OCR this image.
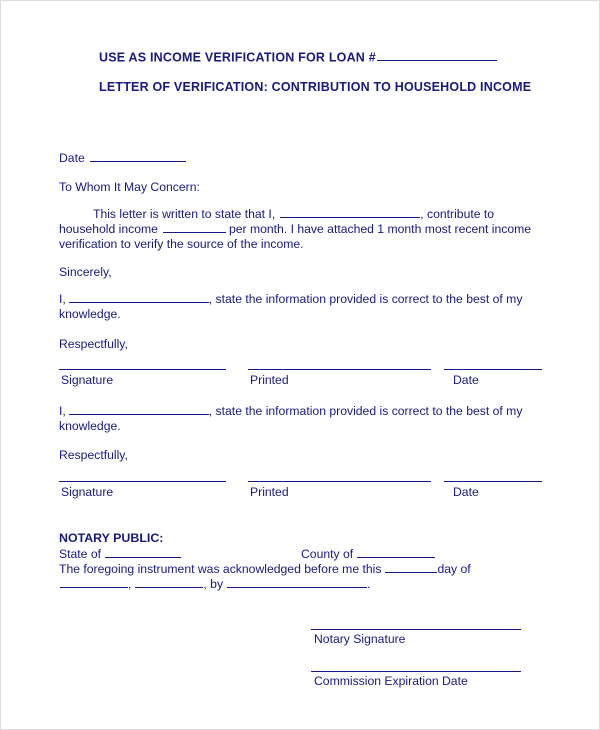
USE AS INCOME VERIFICATION FOR LOAN #
LETTER OF VERIFICATION: CONTRIBUTION TO HOUSEHOLD INCOME
Date
To Whom It May Concern:
This letter is written to state that I,	, contribute to
household income	per month. I have attached 1 month most recent income
verification to verify the source of the income.
Sincerely,
I,	, state the information provided is correct to the best of my
knowledge.
Respectfully,
Signature	Printed	Date
I,	, state the information provided is correct to the best of my
knowledge.
Respectfully,
Signature	Printed	Date
NOTARY PUBLIC:
State of	County of
The foregoing instrument was acknowledged before me this	day of
,	, by	.
Notary Signature
Commission Expiration Date
